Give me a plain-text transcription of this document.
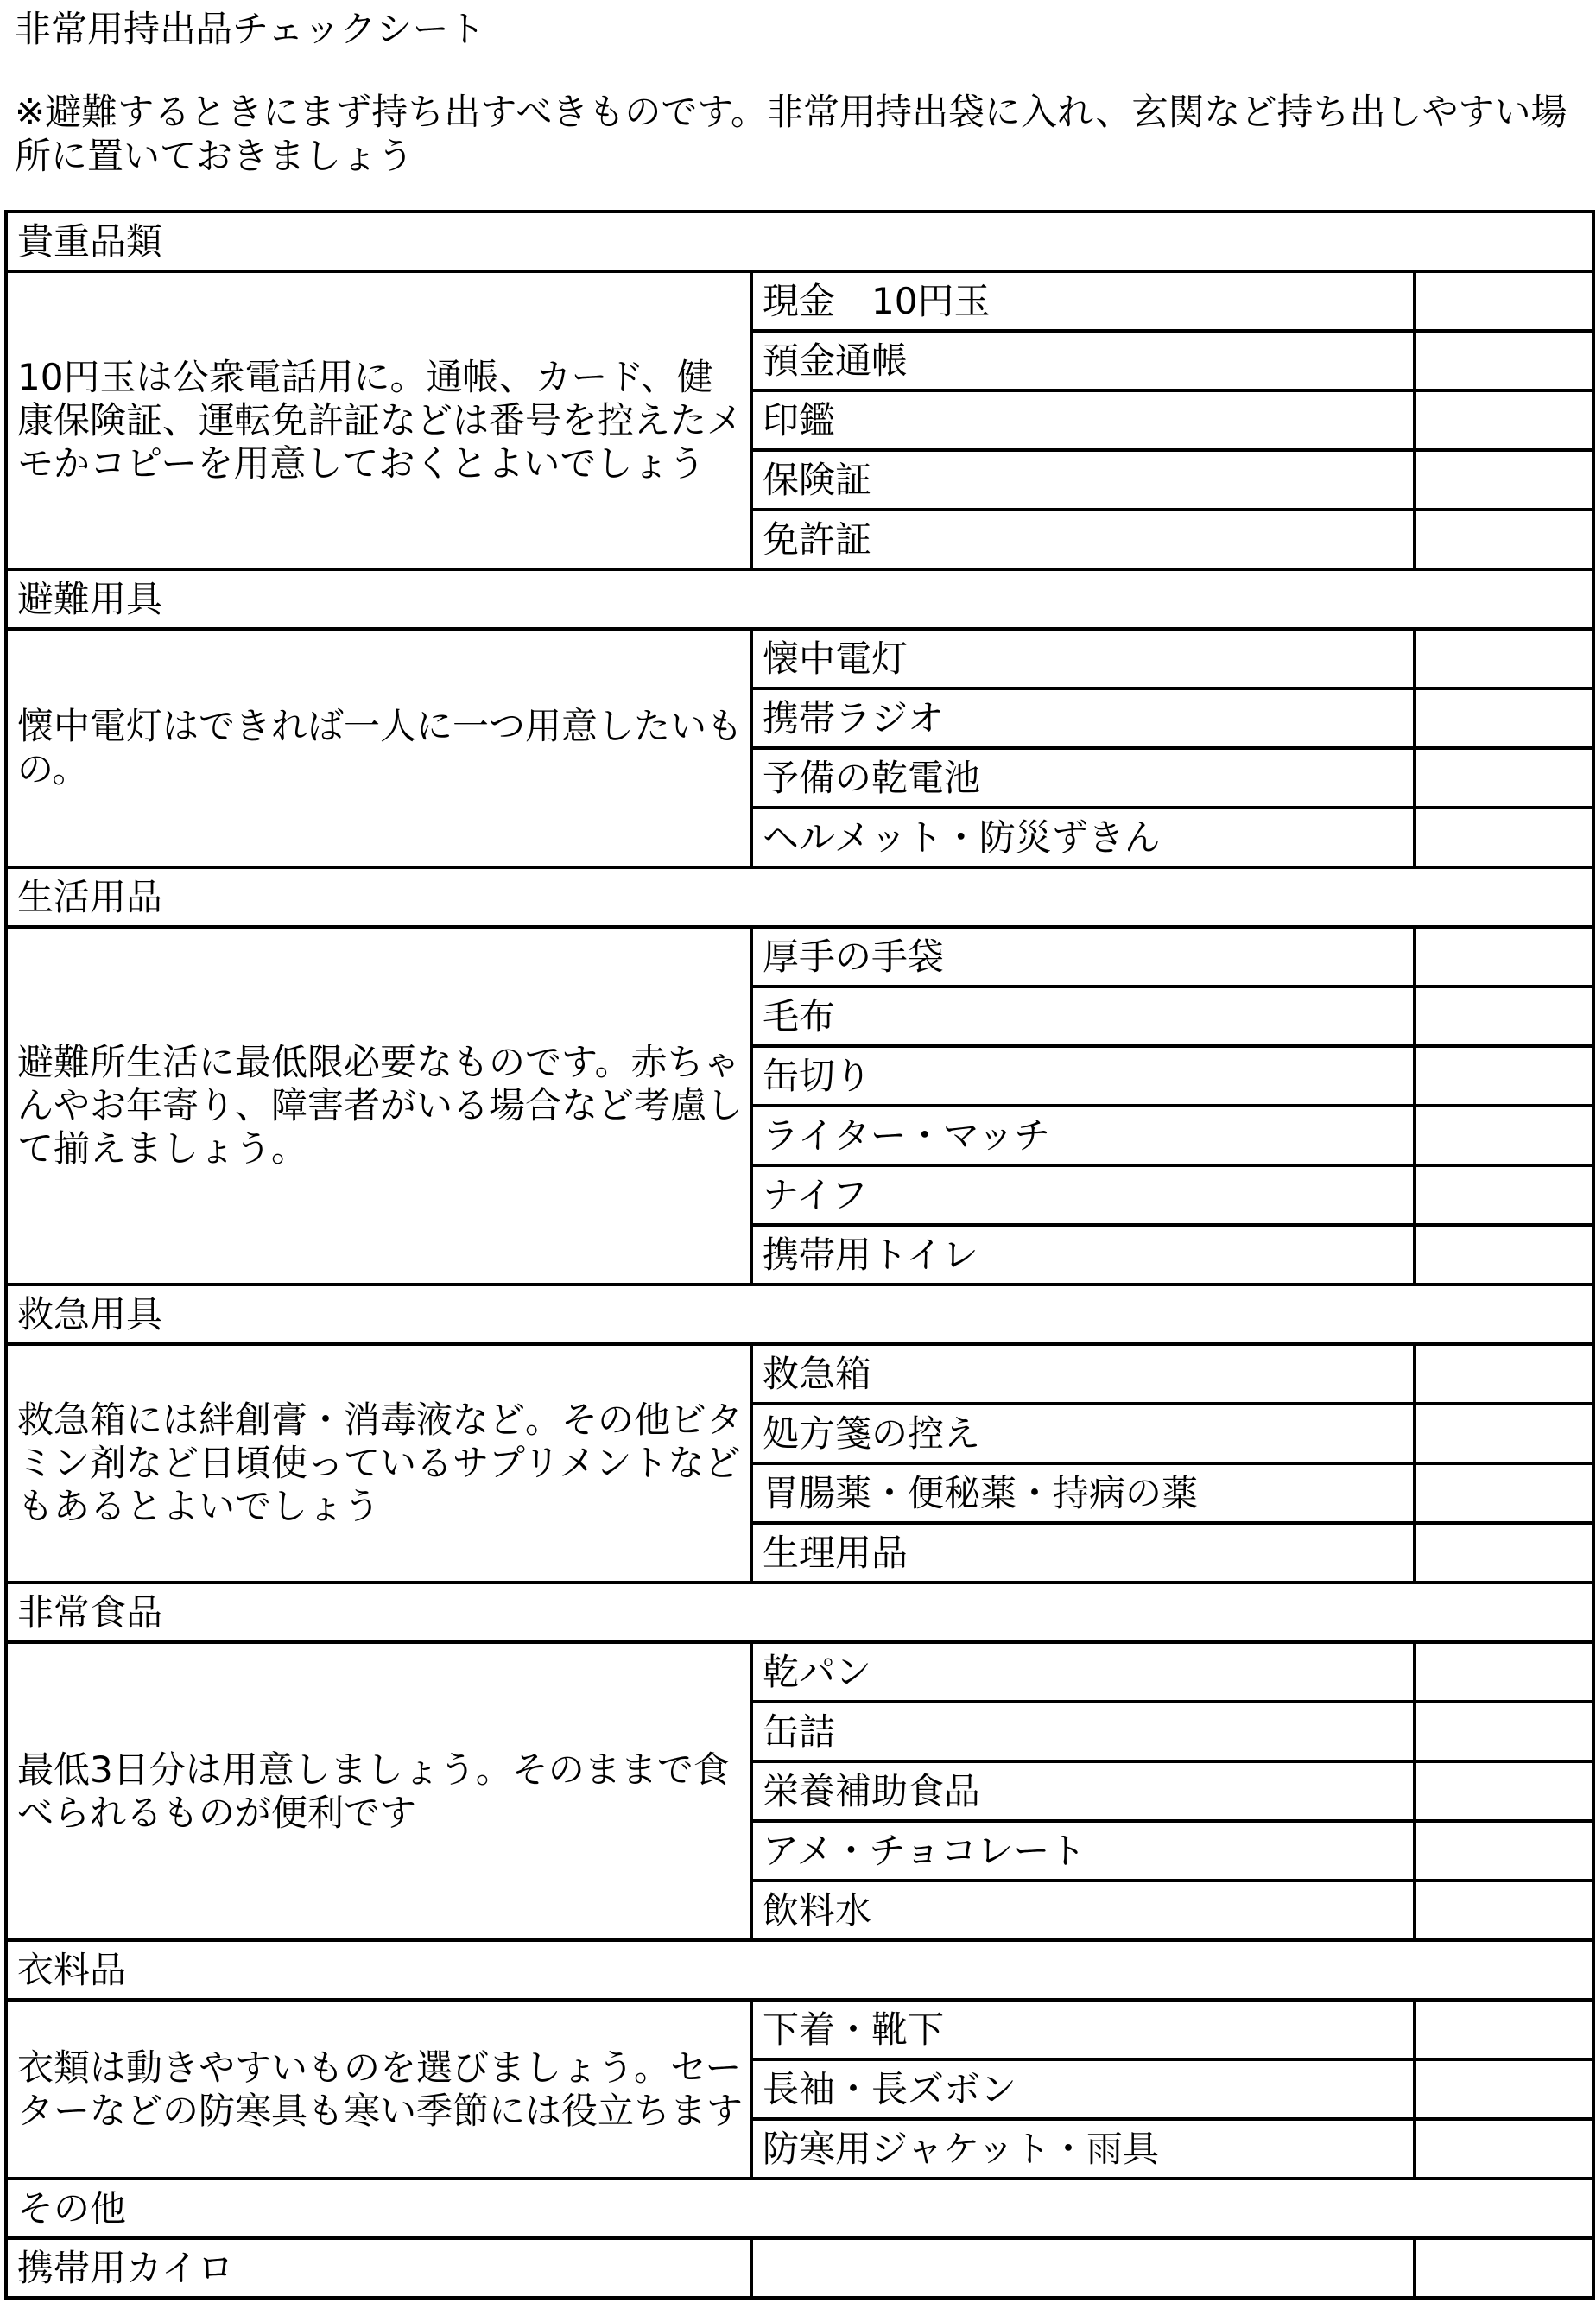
非常用持出品チェックシート
※避難するときにまず持ち出すべきものです。非常用持出袋に入れ、玄関など持ち出しやすい場所に置いておきましょう
貴重品類		
10円玉は公衆電話用に。通帳、カード、健康保険証、運転免許証などは番号を控えたメモかコピーを用意しておくとよいでしょう	現金　10円玉	

	預金通帳	

	印鑑	

	保険証	

	免許証	

避難用具		
懐中電灯はできれば一人に一つ用意したいもの。	懐中電灯	

	携帯ラジオ	

	予備の乾電池	

	ヘルメット・防災ずきん	

生活用品		
避難所生活に最低限必要なものです。赤ちゃんやお年寄り、障害者がいる場合など考慮して揃えましょう。	厚手の手袋	

	毛布	

	缶切り	

	ライター・マッチ	

	ナイフ	

	携帯用トイレ	

救急用具		
救急箱には絆創膏・消毒液など。その他ビタミン剤など日頃使っているサプリメントなどもあるとよいでしょう	救急箱	

	処方箋の控え	

	胃腸薬・便秘薬・持病の薬	

	生理用品	

非常食品		
最低3日分は用意しましょう。そのままで食べられるものが便利です	乾パン	

	缶詰	

	栄養補助食品	

	アメ・チョコレート	

	飲料水	

衣料品		
衣類は動きやすいものを選びましょう。セーターなどの防寒具も寒い季節には役立ちます	下着・靴下	

	長袖・長ズボン	

	防寒用ジャケット・雨具	

その他		
携帯用カイロ		
